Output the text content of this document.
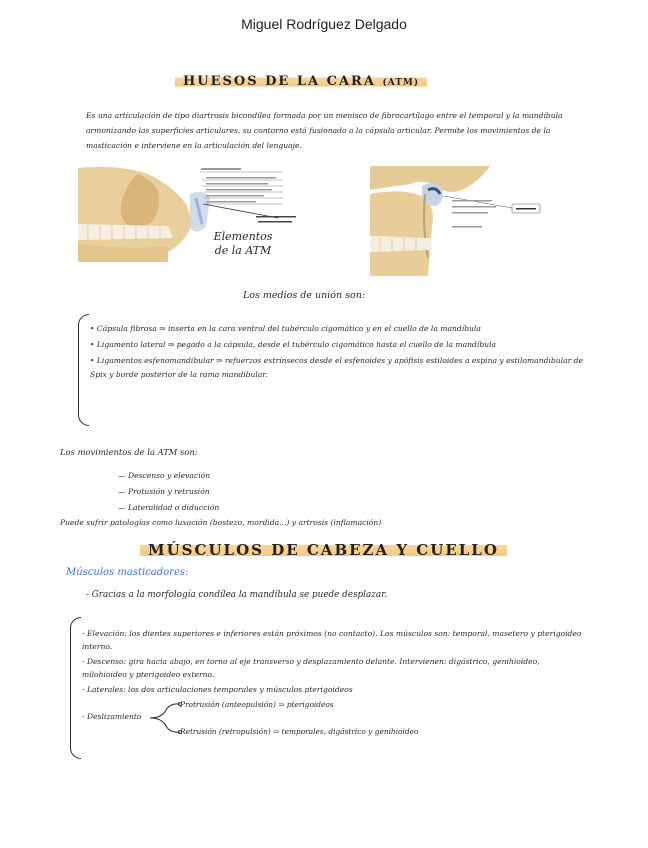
Miguel Rodríguez Delgado
HUESOS DE LA CARA (ATM)
Es una articulación de tipo diartrosis bicondílea formada por un menisco de fibrocartílago entre el temporal y la mandíbula armonizando las superficies articulares, su contorno está fusionado a la cápsula articular. Permite los movimientos de la masticación e interviene en la articulación del lenguaje.
Elementos
de la ATM
Los medios de unión son:
• Cápsula fibrosa ⇒ inserta en la cara ventral del tubérculo cigomático y en el cuello de la mandíbula
• Ligamento lateral ⇒ pegado a la cápsula, desde el tubérculo cigomático hasta el cuello de la mandíbula
• Ligamentos esfenomandibular ⇒ refuerzos extrínsecos desde el esfenoides y apófisis estiloides a espina y estilomandibular de Spix y borde posterior de la rama mandibular.
Los movimientos de la ATM son:
— Descenso y elevación
— Protusión y retrusión
— Lateralidad o diducción
Puede sufrir patologías como luxación (bostezo, mordida...) y artrosis (inflamación)
MÚSCULOS DE CABEZA Y CUELLO
Músculos masticadores:
- Gracias a la morfología condílea la mandíbula se puede desplazar.
- Elevación: los dientes superiores e inferiores están próximos (no contacto). Los músculos son: temporal, masetero y pterigoideo interno.
- Descenso: gira hacia abajo, en torno al eje transverso y desplazamiento delante. Intervienen: digástrico, genihioideo, milohioideo y pterigoideo externo.
- Laterales: los dos articulaciones temporales y músculos pterigoideos
- Deslizamiento
Protrusión (anteopulsión) ⇒ pterigoideos
Retrusión (retropulsión) ⇒ temporales, digástrico y genihioideo
